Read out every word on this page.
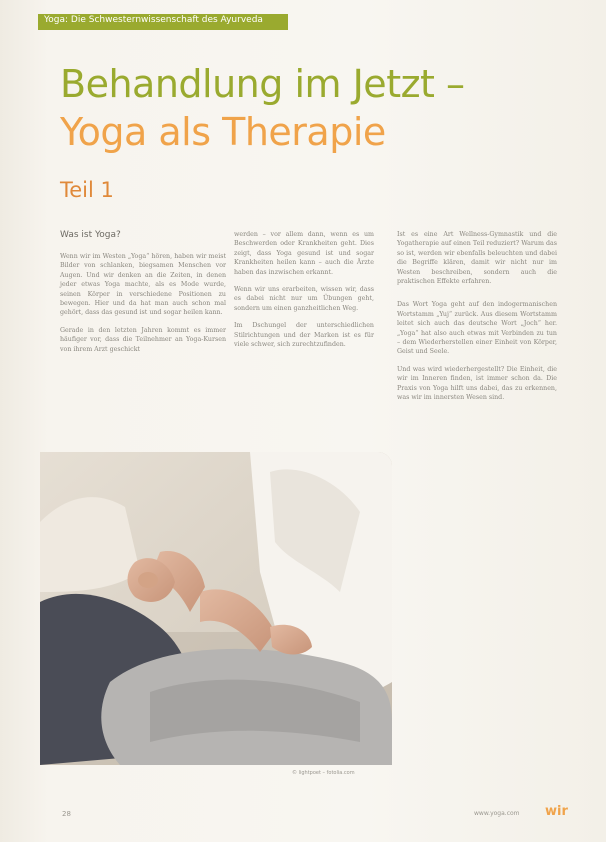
Yoga: Die Schwesternwissenschaft des Ayurveda
Behandlung im Jetzt –
Yoga als Therapie
Teil 1
Was ist Yoga?

Wenn wir im Westen „Yoga“ hören, haben wir meist Bilder von schlanken, biegsamen Menschen vor Augen. Und wir denken an die Zeiten, in denen jeder etwas Yoga machte, als es Mode wurde, seinen Körper in verschiedene Positionen zu bewegen. Hier und da hat man auch schon mal gehört, dass das gesund ist und sogar heilen kann.

Gerade in den letzten Jahren kommt es immer häufiger vor, dass die Teilnehmer an Yoga-Kursen von ihrem Arzt geschickt

werden – vor allem dann, wenn es um Beschwerden oder Krankheiten geht. Dies zeigt, dass Yoga gesund ist und sogar Krankheiten heilen kann – auch die Ärzte haben das inzwischen erkannt.

Wenn wir uns erarbeiten, wissen wir, dass es dabei nicht nur um Übungen geht, sondern um einen ganzheitlichen Weg.

Im Dschungel der unterschiedlichen Stilrichtungen und der Marken ist es für viele schwer, sich zurechtzufinden.

Ist es eine Art Wellness-Gymnastik und die Yogatherapie auf einen Teil reduziert? Warum das so ist, werden wir ebenfalls beleuchten und dabei die Begriffe klären, damit wir nicht nur im Westen beschreiben, sondern auch die praktischen Effekte erfahren.

Das Wort Yoga geht auf den indogermanischen Wortstamm „Yuj“ zurück. Aus diesem Wortstamm leitet sich auch das deutsche Wort „Joch“ her. „Yoga“ hat also auch etwas mit Verbinden zu tun – dem Wiederherstellen einer Einheit von Körper, Geist und Seele.

Und was wird wiederhergestellt? Die Einheit, die wir im Inneren finden, ist immer schon da. Die Praxis von Yoga hilft uns dabei, das zu erkennen, was wir im innersten Wesen sind.

© lightpoet – fotolia.com
28	www.yoga.com wir
